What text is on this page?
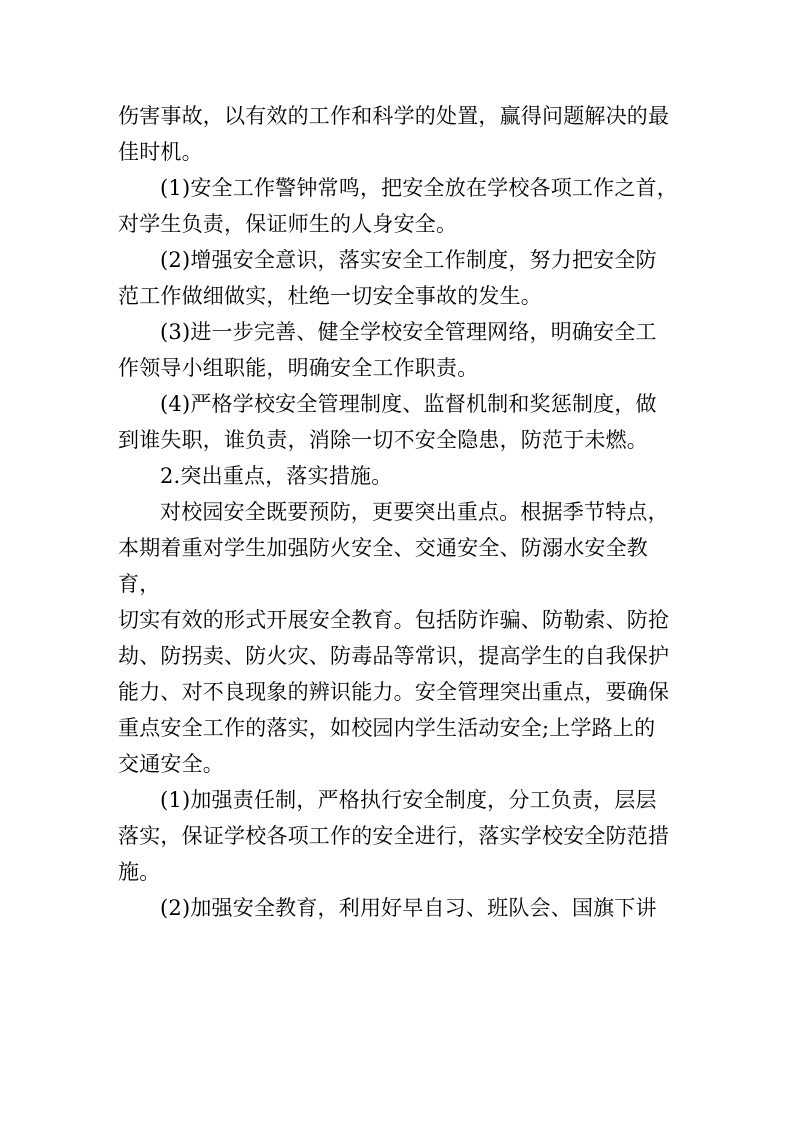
伤害事故，以有效的工作和科学的处置，赢得问题解决的最
佳时机。

(1)安全工作警钟常鸣，把安全放在学校各项工作之首，
对学生负责，保证师生的人身安全。

(2)增强安全意识，落实安全工作制度，努力把安全防
范工作做细做实，杜绝一切安全事故的发生。

(3)进一步完善、健全学校安全管理网络，明确安全工
作领导小组职能，明确安全工作职责。

(4)严格学校安全管理制度、监督机制和奖惩制度，做
到谁失职，谁负责，消除一切不安全隐患，防范于未燃。

2.突出重点，落实措施。

对校园安全既要预防，更要突出重点。根据季节特点，
本期着重对学生加强防火安全、交通安全、防溺水安全教育，
切实有效的形式开展安全教育。包括防诈骗、防勒索、防抢
劫、防拐卖、防火灾、防毒品等常识，提高学生的自我保护
能力、对不良现象的辨识能力。安全管理突出重点，要确保
重点安全工作的落实，如校园内学生活动安全;上学路上的
交通安全。

(1)加强责任制，严格执行安全制度，分工负责，层层
落实，保证学校各项工作的安全进行，落实学校安全防范措
施。

(2)加强安全教育，利用好早自习、班队会、国旗下讲
